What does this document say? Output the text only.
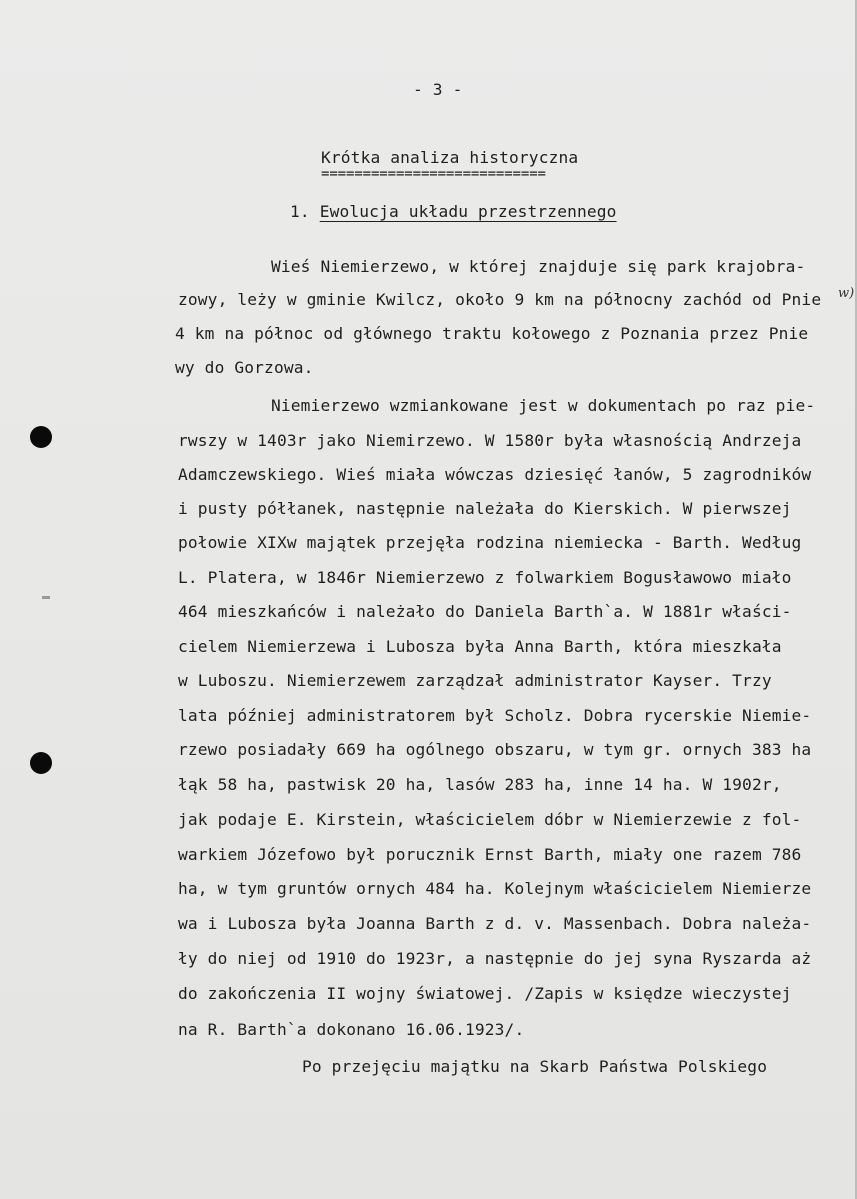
- 3 -
Krótka analiza historyczna
===========================
1. Ewolucja układu przestrzennego
Wieś Niemierzewo, w której znajduje się park krajobra-
zowy, leży w gminie Kwilcz, około 9 km na północny zachód od Pnie w)
4 km na północ od głównego traktu kołowego z Poznania przez Pnie
wy do Gorzowa.
Niemierzewo wzmiankowane jest w dokumentach po raz pie-
rwszy w 1403r jako Niemirzewo. W 1580r była własnością Andrzeja
Adamczewskiego. Wieś miała wówczas dziesięć łanów, 5 zagrodników
i pusty półłanek, następnie należała do Kierskich. W pierwszej
połowie XIXw majątek przejęła rodzina niemiecka - Barth. Według
L. Platera, w 1846r Niemierzewo z folwarkiem Bogusławowo miało
464 mieszkańców i należało do Daniela Barth`a. W 1881r właści-
cielem Niemierzewa i Lubosza była Anna Barth, która mieszkała
w Luboszu. Niemierzewem zarządzał administrator Kayser. Trzy
lata później administratorem był Scholz. Dobra rycerskie Niemie-
rzewo posiadały 669 ha ogólnego obszaru, w tym gr. ornych 383 ha
łąk 58 ha, pastwisk 20 ha, lasów 283 ha, inne 14 ha. W 1902r,
jak podaje E. Kirstein, właścicielem dóbr w Niemierzewie z fol-
warkiem Józefowo był porucznik Ernst Barth, miały one razem 786
ha, w tym gruntów ornych 484 ha. Kolejnym właścicielem Niemierze
wa i Lubosza była Joanna Barth z d. v. Massenbach. Dobra należa-
ły do niej od 1910 do 1923r, a następnie do jej syna Ryszarda aż
do zakończenia II wojny światowej. /Zapis w księdze wieczystej
na R. Barth`a dokonano 16.06.1923/.
Po przejęciu majątku na Skarb Państwa Polskiego
